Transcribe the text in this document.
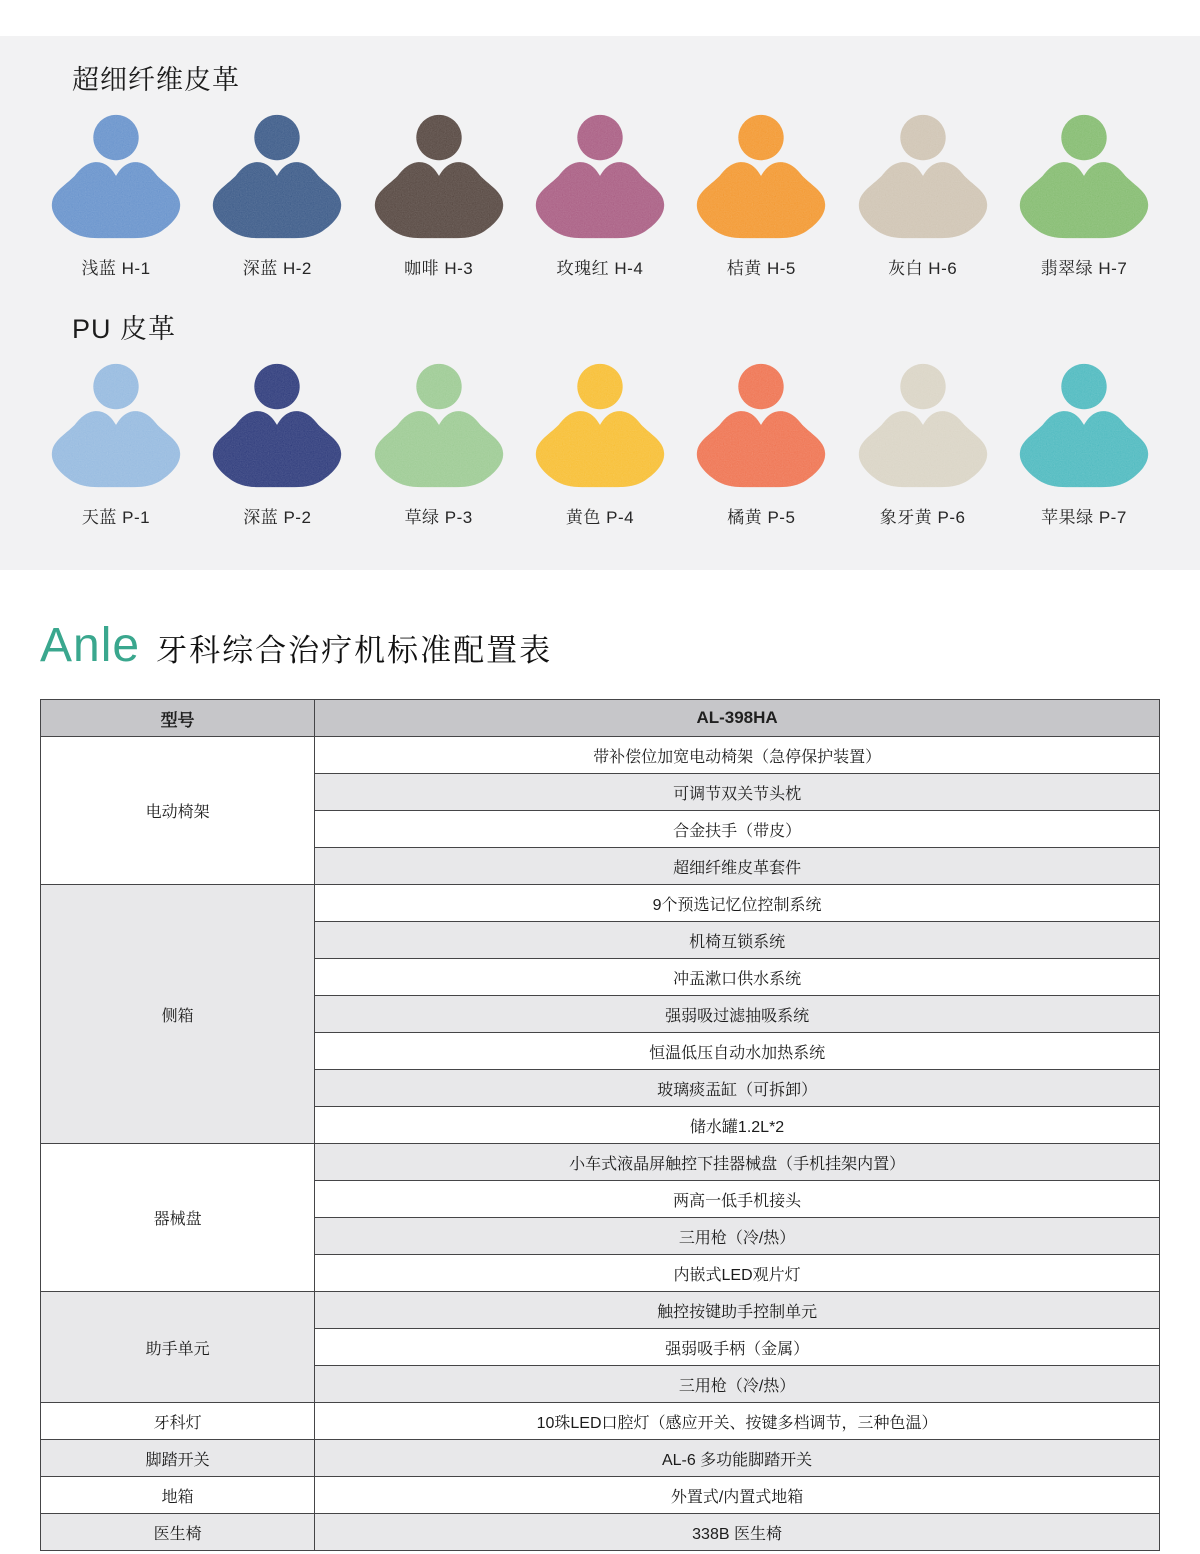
超细纤维皮革
浅蓝 H-1	深蓝 H-2	咖啡 H-3	玫瑰红 H-4	桔黄 H-5	灰白 H-6	翡翠绿 H-7
PU 皮革
天蓝 P-1	深蓝 P-2	草绿 P-3	黄色 P-4	橘黄 P-5	象牙黄 P-6	苹果绿 P-7
Anle 牙科综合治疗机标准配置表
型号	AL-398HA
电动椅架	带补偿位加宽电动椅架（急停保护装置）
	可调节双关节头枕
	合金扶手（带皮）
	超细纤维皮革套件
侧箱	9个预选记忆位控制系统
	机椅互锁系统
	冲盂漱口供水系统
	强弱吸过滤抽吸系统
	恒温低压自动水加热系统
	玻璃痰盂缸（可拆卸）
	储水罐1.2L*2
器械盘	小车式液晶屏触控下挂器械盘（手机挂架内置）
	两高一低手机接头
	三用枪（冷/热）
	内嵌式LED观片灯
助手单元	触控按键助手控制单元
	强弱吸手柄（金属）
	三用枪（冷/热）
牙科灯	10珠LED口腔灯（感应开关、按键多档调节，三种色温）
脚踏开关	AL-6 多功能脚踏开关
地箱	外置式/内置式地箱
医生椅	338B 医生椅
